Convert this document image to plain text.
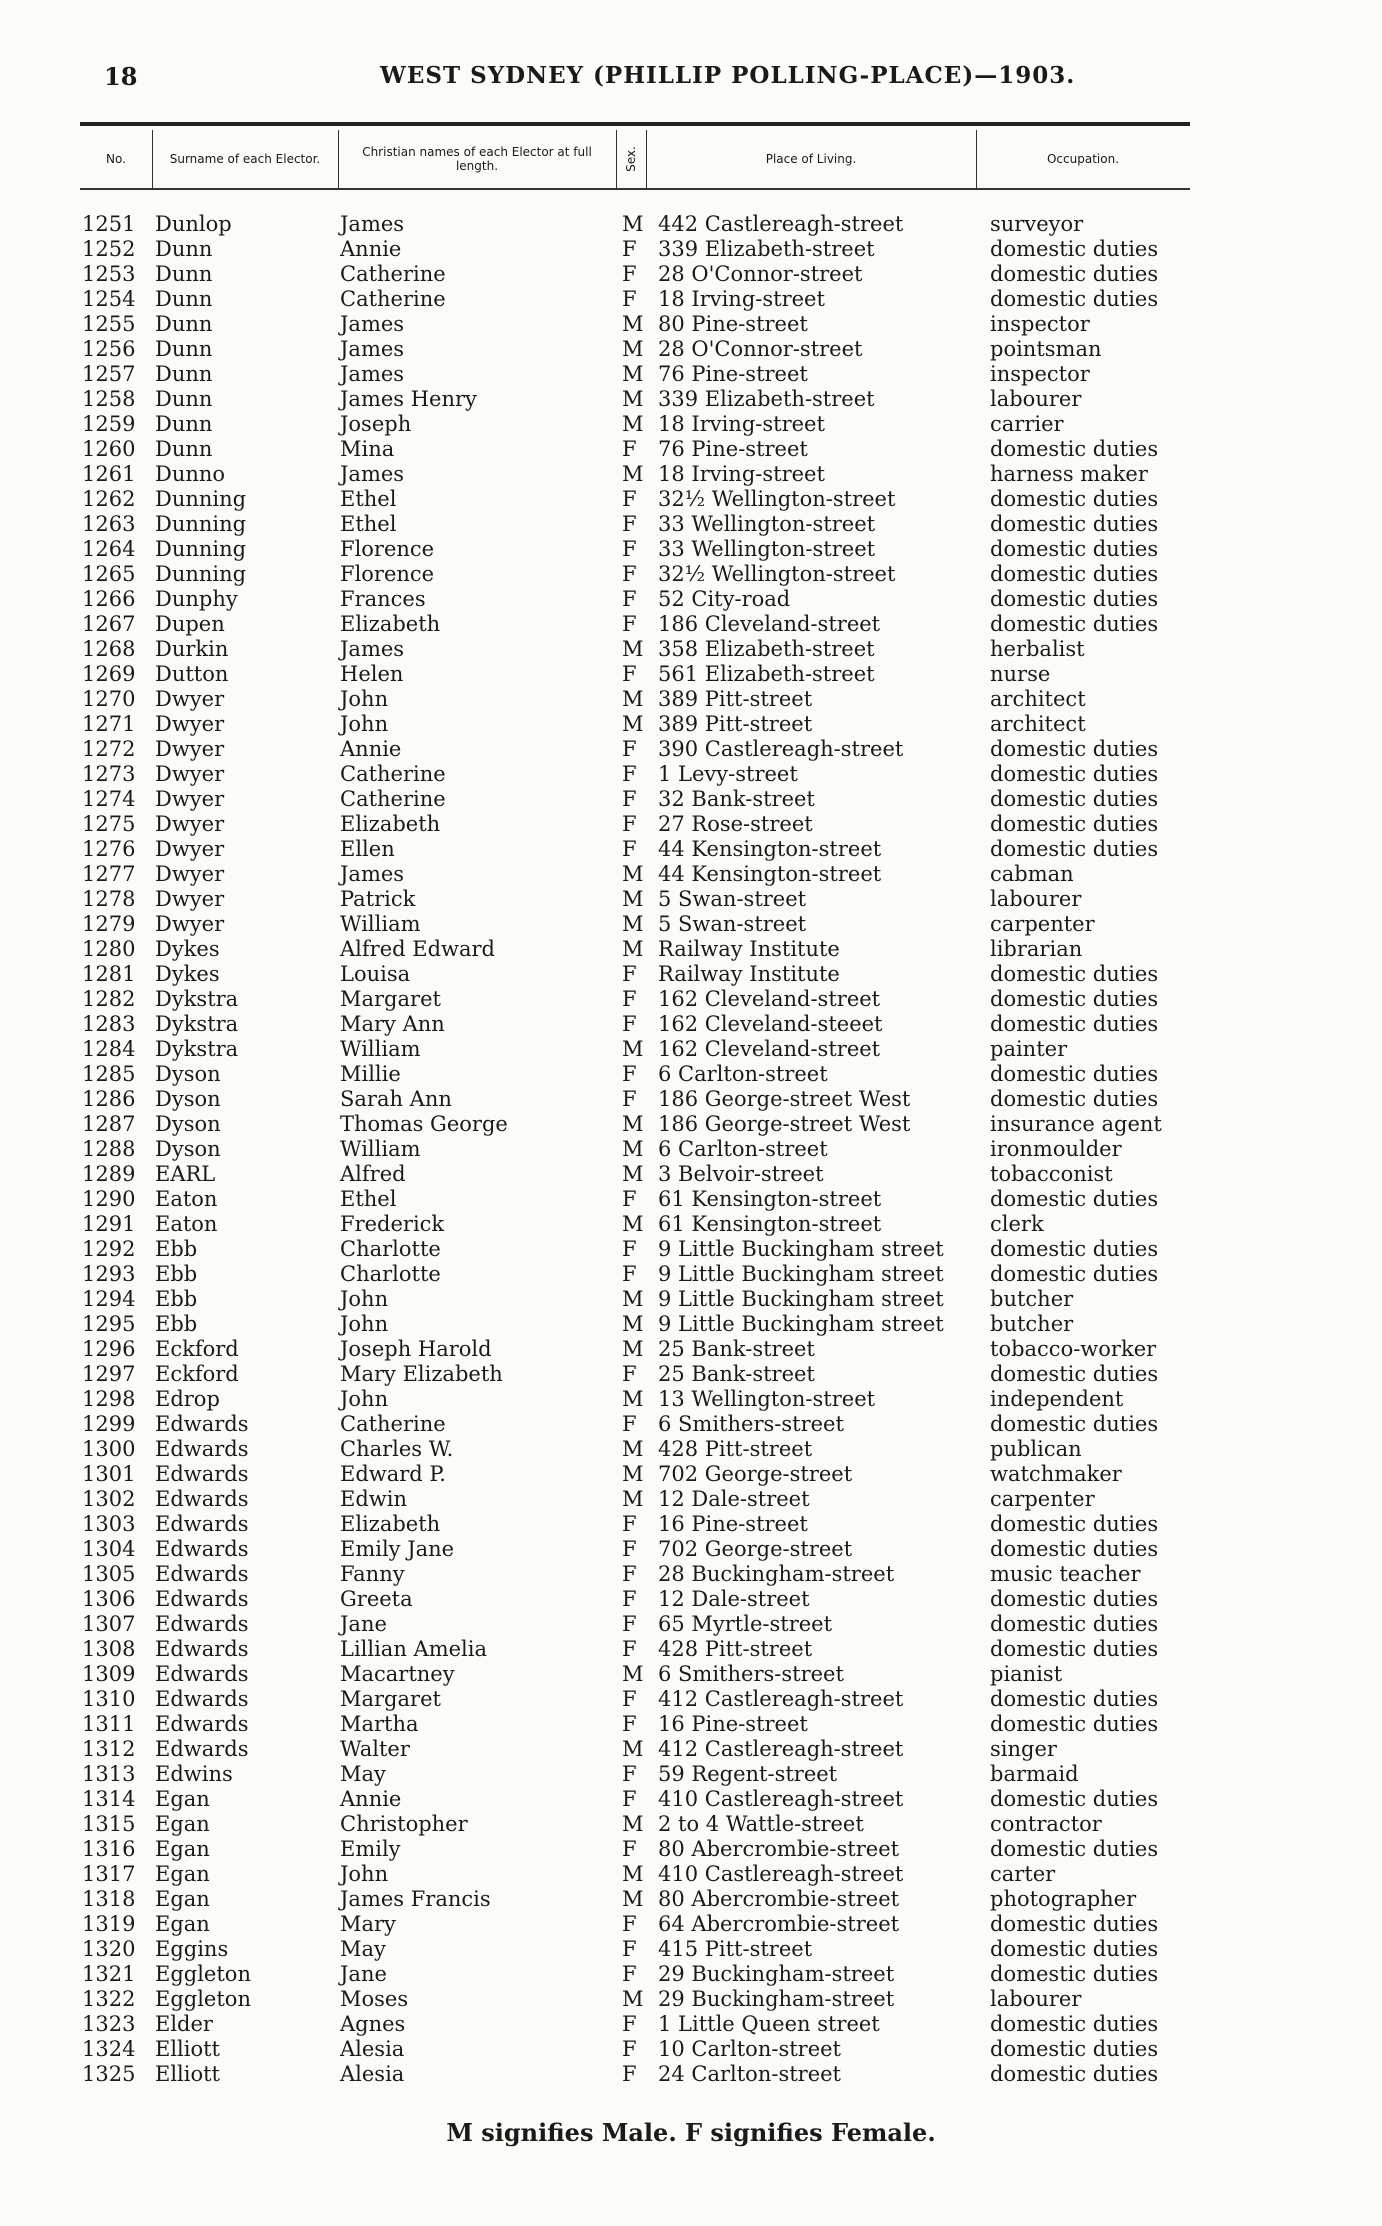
18	WEST SYDNEY (PHILLIP POLLING-PLACE)—1903.
No.	Surname of each Elector.	Christian names of each Elector at full length.	Sex.	Place of Living.	Occupation.
1251 Dunlop	James	M 442 Castlereagh-street	surveyor
1252 Dunn	Annie	F 339 Elizabeth-street	domestic duties
1253 Dunn	Catherine	F 28 O'Connor-street	domestic duties
1254 Dunn	Catherine	F 18 Irving-street	domestic duties
1255 Dunn	James	M 80 Pine-street	inspector
1256 Dunn	James	M 28 O'Connor-street	pointsman
1257 Dunn	James	M 76 Pine-street	inspector
1258 Dunn	James Henry	M 339 Elizabeth-street	labourer
1259 Dunn	Joseph	M 18 Irving-street	carrier
1260 Dunn	Mina	F 76 Pine-street	domestic duties
1261 Dunno	James	M 18 Irving-street	harness maker
1262 Dunning	Ethel	F 32½ Wellington-street	domestic duties
1263 Dunning	Ethel	F 33 Wellington-street	domestic duties
1264 Dunning	Florence	F 33 Wellington-street	domestic duties
1265 Dunning	Florence	F 32½ Wellington-street	domestic duties
1266 Dunphy	Frances	F 52 City-road	domestic duties
1267 Dupen	Elizabeth	F 186 Cleveland-street	domestic duties
1268 Durkin	James	M 358 Elizabeth-street	herbalist
1269 Dutton	Helen	F 561 Elizabeth-street	nurse
1270 Dwyer	John	M 389 Pitt-street	architect
1271 Dwyer	John	M 389 Pitt-street	architect
1272 Dwyer	Annie	F 390 Castlereagh-street	domestic duties
1273 Dwyer	Catherine	F 1 Levy-street	domestic duties
1274 Dwyer	Catherine	F 32 Bank-street	domestic duties
1275 Dwyer	Elizabeth	F 27 Rose-street	domestic duties
1276 Dwyer	Ellen	F 44 Kensington-street	domestic duties
1277 Dwyer	James	M 44 Kensington-street	cabman
1278 Dwyer	Patrick	M 5 Swan-street	labourer
1279 Dwyer	William	M 5 Swan-street	carpenter
1280 Dykes	Alfred Edward	M Railway Institute	librarian
1281 Dykes	Louisa	F Railway Institute	domestic duties
1282 Dykstra	Margaret	F 162 Cleveland-street	domestic duties
1283 Dykstra	Mary Ann	F 162 Cleveland-steeet	domestic duties
1284 Dykstra	William	M 162 Cleveland-street	painter
1285 Dyson	Millie	F 6 Carlton-street	domestic duties
1286 Dyson	Sarah Ann	F 186 George-street West	domestic duties
1287 Dyson	Thomas George	M 186 George-street West	insurance agent
1288 Dyson	William	M 6 Carlton-street	ironmoulder
1289 EARL	Alfred	M 3 Belvoir-street	tobacconist
1290 Eaton	Ethel	F 61 Kensington-street	domestic duties
1291 Eaton	Frederick	M 61 Kensington-street	clerk
1292 Ebb	Charlotte	F 9 Little Buckingham street domestic duties
1293 Ebb	Charlotte	F 9 Little Buckingham street domestic duties
1294 Ebb	John	M 9 Little Buckingham street butcher
1295 Ebb	John	M 9 Little Buckingham street butcher
1296 Eckford	Joseph Harold	M 25 Bank-street	tobacco-worker
1297 Eckford	Mary Elizabeth	F 25 Bank-street	domestic duties
1298 Edrop	John	M 13 Wellington-street	independent
1299 Edwards	Catherine	F 6 Smithers-street	domestic duties
1300 Edwards	Charles W.	M 428 Pitt-street	publican
1301 Edwards	Edward P.	M 702 George-street	watchmaker
1302 Edwards	Edwin	M 12 Dale-street	carpenter
1303 Edwards	Elizabeth	F 16 Pine-street	domestic duties
1304 Edwards	Emily Jane	F 702 George-street	domestic duties
1305 Edwards	Fanny	F 28 Buckingham-street	music teacher
1306 Edwards	Greeta	F 12 Dale-street	domestic duties
1307 Edwards	Jane	F 65 Myrtle-street	domestic duties
1308 Edwards	Lillian Amelia	F 428 Pitt-street	domestic duties
1309 Edwards	Macartney	M 6 Smithers-street	pianist
1310 Edwards	Margaret	F 412 Castlereagh-street	domestic duties
1311 Edwards	Martha	F 16 Pine-street	domestic duties
1312 Edwards	Walter	M 412 Castlereagh-street	singer
1313 Edwins	May	F 59 Regent-street	barmaid
1314 Egan	Annie	F 410 Castlereagh-street	domestic duties
1315 Egan	Christopher	M 2 to 4 Wattle-street	contractor
1316 Egan	Emily	F 80 Abercrombie-street	domestic duties
1317 Egan	John	M 410 Castlereagh-street	carter
1318 Egan	James Francis	M 80 Abercrombie-street	photographer
1319 Egan	Mary	F 64 Abercrombie-street	domestic duties
1320 Eggins	May	F 415 Pitt-street	domestic duties
1321 Eggleton	Jane	F 29 Buckingham-street	domestic duties
1322 Eggleton	Moses	M 29 Buckingham-street	labourer
1323 Elder	Agnes	F 1 Little Queen street	domestic duties
1324 Elliott	Alesia	F 10 Carlton-street	domestic duties
1325 Elliott	Alesia	F 24 Carlton-street	domestic duties
M signifies Male. F signifies Female.
